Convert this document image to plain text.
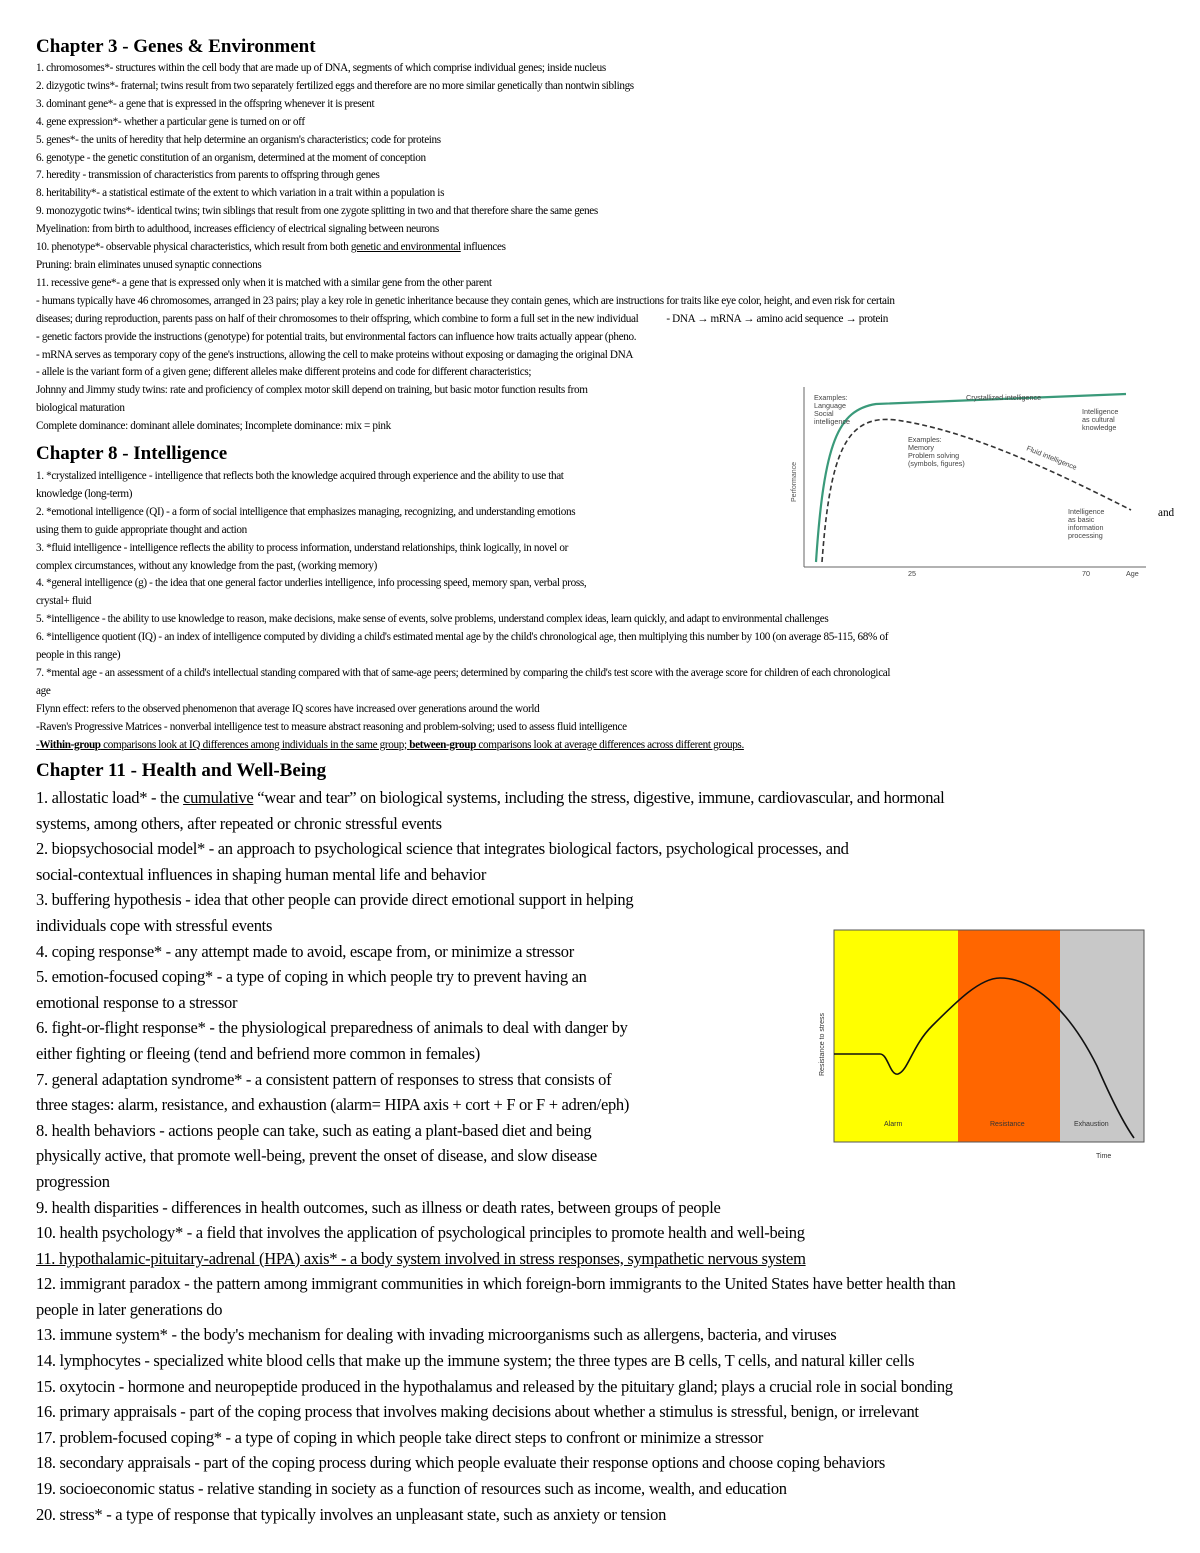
Chapter 3 - Genes & Environment
1. chromosomes*- structures within the cell body that are made up of DNA, segments of which comprise individual genes; inside nucleus
2. dizygotic twins*- fraternal; twins result from two separately fertilized eggs and therefore are no more similar genetically than nontwin siblings
3. dominant gene*- a gene that is expressed in the offspring whenever it is present
4. gene expression*- whether a particular gene is turned on or off
5. genes*- the units of heredity that help determine an organism's characteristics; code for proteins
6. genotype - the genetic constitution of an organism, determined at the moment of conception
7. heredity - transmission of characteristics from parents to offspring through genes
8. heritability*- a statistical estimate of the extent to which variation in a trait within a population is
9. monozygotic twins*- identical twins; twin siblings that result from one zygote splitting in two and that therefore share the same genes
Myelination: from birth to adulthood, increases efficiency of electrical signaling between neurons
10. phenotype*- observable physical characteristics, which result from both genetic and environmental influences
Pruning: brain eliminates unused synaptic connections
11. recessive gene*- a gene that is expressed only when it is matched with a similar gene from the other parent
- humans typically have 46 chromosomes, arranged in 23 pairs; play a key role in genetic inheritance because they contain genes, which are instructions for traits like eye color, height, and even risk for certain
diseases; during reproduction, parents pass on half of their chromosomes to their offspring, which combine to form a full set in the new individual	- DNA → mRNA → amino acid sequence → protein
- genetic factors provide the instructions (genotype) for potential traits, but environmental factors can influence how traits actually appear (pheno.
- mRNA serves as temporary copy of the gene's instructions, allowing the cell to make proteins without exposing or damaging the original DNA
- allele is the variant form of a given gene; different alleles make different proteins and code for different characteristics;
Johnny and Jimmy study twins: rate and proficiency of complex motor skill depend on training, but basic motor function results from
biological maturation
Complete dominance: dominant allele dominates; Incomplete dominance: mix = pink
Chapter 8 - Intelligence
1. *crystalized intelligence - intelligence that reflects both the knowledge acquired through experience and the ability to use that
knowledge (long-term)
2. *emotional intelligence (QI) - a form of social intelligence that emphasizes managing, recognizing, and understanding emotions
using them to guide appropriate thought and action
3. *fluid intelligence - intelligence reflects the ability to process information, understand relationships, think logically, in novel or
complex circumstances, without any knowledge from the past, (working memory)
4. *general intelligence (g) - the idea that one general factor underlies intelligence, info processing speed, memory span, verbal pross,
crystal+ fluid
5. *intelligence - the ability to use knowledge to reason, make decisions, make sense of events, solve problems, understand complex ideas, learn quickly, and adapt to environmental challenges
6. *intelligence quotient (IQ) - an index of intelligence computed by dividing a child's estimated mental age by the child's chronological age, then multiplying this number by 100 (on average 85-115, 68% of
people in this range)
7. *mental age - an assessment of a child's intellectual standing compared with that of same-age peers; determined by comparing the child's test score with the average score for children of each chronological
age
Flynn effect: refers to the observed phenomenon that average IQ scores have increased over generations around the world
-Raven's Progressive Matrices - nonverbal intelligence test to measure abstract reasoning and problem-solving; used to assess fluid intelligence
-Within-group comparisons look at IQ differences among individuals in the same group; between-group comparisons look at average differences across different groups.
and
Performance
Crystallized intelligence
Fluid intelligence
Examples:
Language
Social
intelligence
Examples:
Memory
Problem solving
(symbols, figures)
Intelligence
as cultural
knowledge
Intelligence
as basic
information
processing
25	70	Age
Chapter 11 - Health and Well-Being
1. allostatic load* - the cumulative “wear and tear” on biological systems, including the stress, digestive, immune, cardiovascular, and hormonal
systems, among others, after repeated or chronic stressful events
2. biopsychosocial model* - an approach to psychological science that integrates biological factors, psychological processes, and
social-contextual influences in shaping human mental life and behavior
3. buffering hypothesis - idea that other people can provide direct emotional support in helping
individuals cope with stressful events
4. coping response* - any attempt made to avoid, escape from, or minimize a stressor
5. emotion-focused coping* - a type of coping in which people try to prevent having an
emotional response to a stressor
6. fight-or-flight response* - the physiological preparedness of animals to deal with danger by
either fighting or fleeing (tend and befriend more common in females)
7. general adaptation syndrome* - a consistent pattern of responses to stress that consists of
three stages: alarm, resistance, and exhaustion (alarm= HIPA axis + cort + F or F + adren/eph)
8. health behaviors - actions people can take, such as eating a plant-based diet and being
physically active, that promote well-being, prevent the onset of disease, and slow disease
progression
9. health disparities - differences in health outcomes, such as illness or death rates, between groups of people
10. health psychology* - a field that involves the application of psychological principles to promote health and well-being
11. hypothalamic-pituitary-adrenal (HPA) axis* - a body system involved in stress responses, sympathetic nervous system
12. immigrant paradox - the pattern among immigrant communities in which foreign-born immigrants to the United States have better health than
people in later generations do
13. immune system* - the body's mechanism for dealing with invading microorganisms such as allergens, bacteria, and viruses
14. lymphocytes - specialized white blood cells that make up the immune system; the three types are B cells, T cells, and natural killer cells
15. oxytocin - hormone and neuropeptide produced in the hypothalamus and released by the pituitary gland; plays a crucial role in social bonding
16. primary appraisals - part of the coping process that involves making decisions about whether a stimulus is stressful, benign, or irrelevant
17. problem-focused coping* - a type of coping in which people take direct steps to confront or minimize a stressor
18. secondary appraisals - part of the coping process during which people evaluate their response options and choose coping behaviors
19. socioeconomic status - relative standing in society as a function of resources such as income, wealth, and education
20. stress* - a type of response that typically involves an unpleasant state, such as anxiety or tension
Resistance to stress
Alarm	Resistance	Exhaustion
Time
